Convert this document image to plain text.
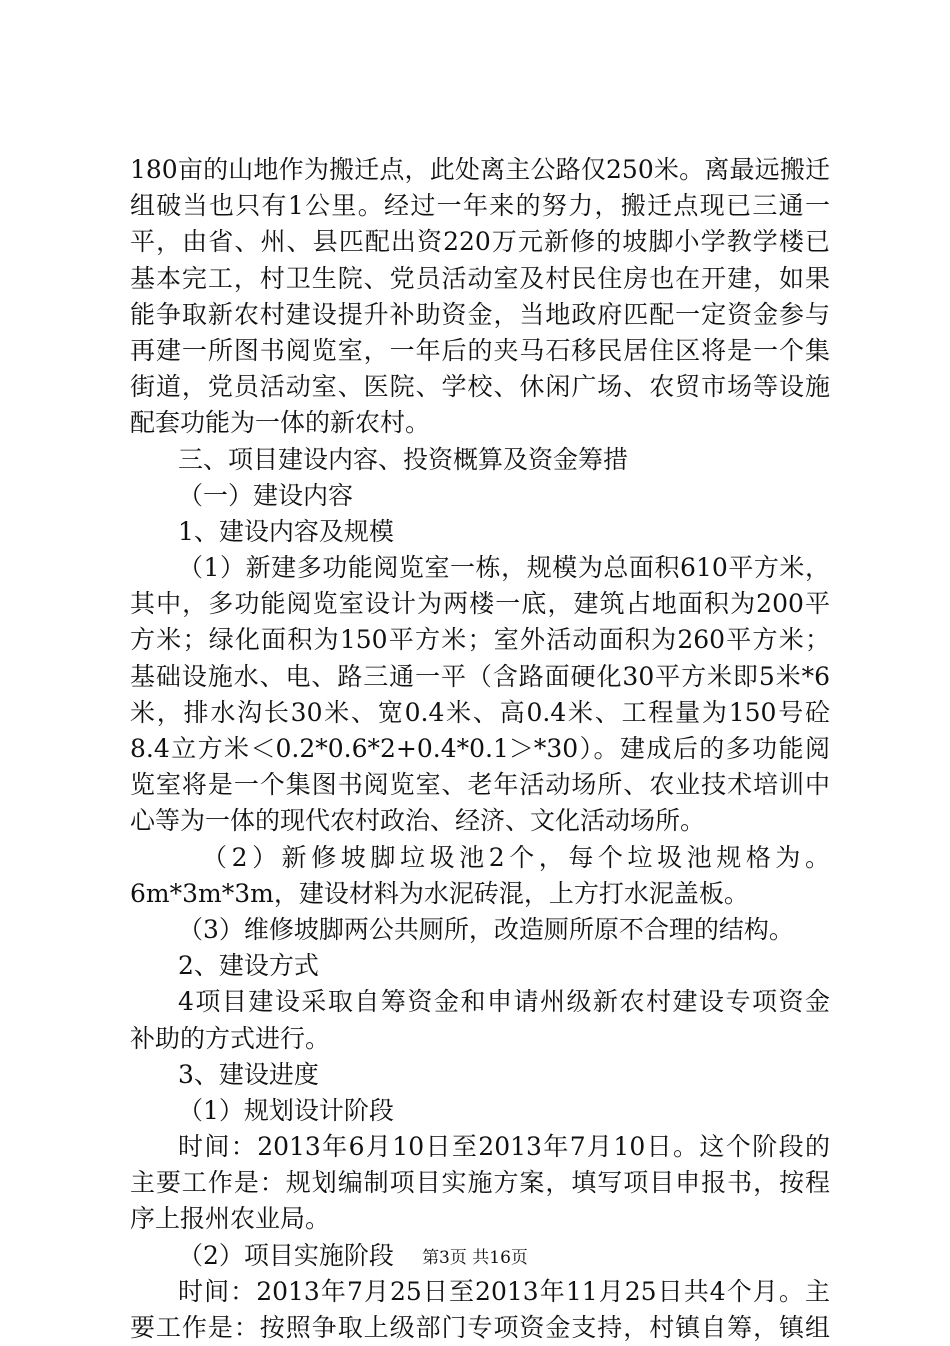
180亩的山地作为搬迁点，此处离主公路仅250米。离最远搬迁
组破当也只有1公里。经过一年来的努力，搬迁点现已三通一
平，由省、州、县匹配出资220万元新修的坡脚小学教学楼已
基本完工，村卫生院、党员活动室及村民住房也在开建，如果
能争取新农村建设提升补助资金，当地政府匹配一定资金参与
再建一所图书阅览室，一年后的夹马石移民居住区将是一个集
街道，党员活动室、医院、学校、休闲广场、农贸市场等设施
配套功能为一体的新农村。
三、项目建设内容、投资概算及资金筹措
（一）建设内容
1、建设内容及规模
（1）新建多功能阅览室一栋，规模为总面积610平方米，
其中，多功能阅览室设计为两楼一底，建筑占地面积为200平
方米；绿化面积为150平方米；室外活动面积为260平方米；
基础设施水、电、路三通一平（含路面硬化30平方米即5米*6
米，排水沟长30米、宽0.4米、高0.4米、工程量为150号砼
8.4立方米＜0.2*0.6*2+0.4*0.1＞*30）。建成后的多功能阅
览室将是一个集图书阅览室、老年活动场所、农业技术培训中
心等为一体的现代农村政治、经济、文化活动场所。
（2）新修坡脚垃圾池2个，每个垃圾池规格为。
6m*3m*3m，建设材料为水泥砖混，上方打水泥盖板。
（3）维修坡脚两公共厕所，改造厕所原不合理的结构。
2、建设方式
4项目建设采取自筹资金和申请州级新农村建设专项资金
补助的方式进行。
3、建设进度
（1）规划设计阶段
时间：2013年6月10日至2013年7月10日。这个阶段的
主要工作是：规划编制项目实施方案，填写项目申报书，按程
序上报州农业局。
（2）项目实施阶段
时间：2013年7月25日至2013年11月25日共4个月。主
要工作是：按照争取上级部门专项资金支持，村镇自筹，镇组
第3页 共16页
